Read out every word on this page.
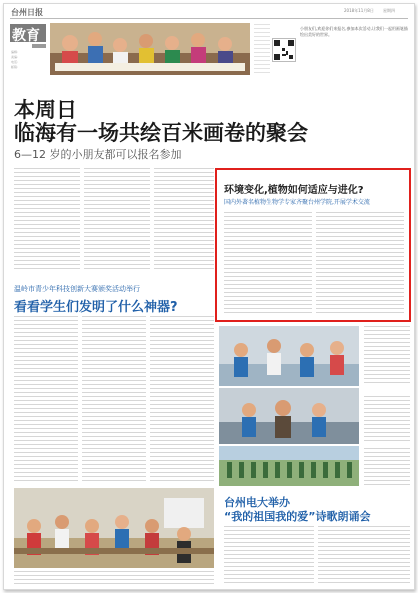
台州日报	2018年11月8日 星期四
教育
编辑:
美编:
电话:
邮箱:
小朋友们,欢迎你们来报名,参加本次活动,让我们一起用画笔描绘出美好的世界。
本周日
临海有一场共绘百米画卷的聚会
6—12 岁的小朋友都可以报名参加
环境变化,植物如何适应与进化?
国内外著名植物生物学专家齐聚台州学院,开展学术交流
温岭市青少年科技创新大赛颁奖活动举行
看看学生们发明了什么神器?
台州电大举办
“我的祖国我的爱”诗歌朗诵会
